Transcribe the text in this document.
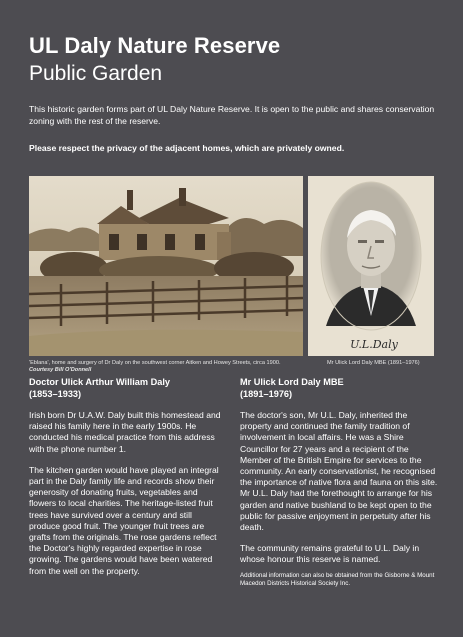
UL Daly Nature Reserve
Public Garden
This historic garden forms part of UL Daly Nature Reserve. It is open to the public and shares conservation zoning with the rest of the reserve.
Please respect the privacy of the adjacent homes, which are privately owned.
U.L.Daly
'Eblana', home and surgery of Dr Daly on the southwest corner Aitken and Howey Streets, circa 1900. Courtesy Bill O'Donnell
Mr Ulick Lord Daly MBE (1891–1976)
Doctor Ulick Arthur William Daly
(1853–1933)

Irish born Dr U.A.W. Daly built this homestead and raised his family here in the early 1900s. He conducted his medical practice from this address with the phone number 1.

The kitchen garden would have played an integral part in the Daly family life and records show their generosity of donating fruits, vegetables and flowers to local charities. The heritage-listed fruit trees have survived over a century and still produce good fruit. The younger fruit trees are grafts from the originals. The rose gardens reflect the Doctor's highly regarded expertise in rose growing. The gardens would have been watered from the well on the property.

Mr Ulick Lord Daly MBE
(1891–1976)

The doctor's son, Mr U.L. Daly, inherited the property and continued the family tradition of involvement in local affairs. He was a Shire Councillor for 27 years and a recipient of the Member of the British Empire for services to the community. An early conservationist, he recognised the importance of native flora and fauna on this site. Mr U.L. Daly had the forethought to arrange for his garden and native bushland to be kept open to the public for passive enjoyment in perpetuity after his death.

The community remains grateful to U.L. Daly in whose honour this reserve is named.

Additional information can also be obtained from the Gisborne & Mount Macedon Districts Historical Society Inc.
